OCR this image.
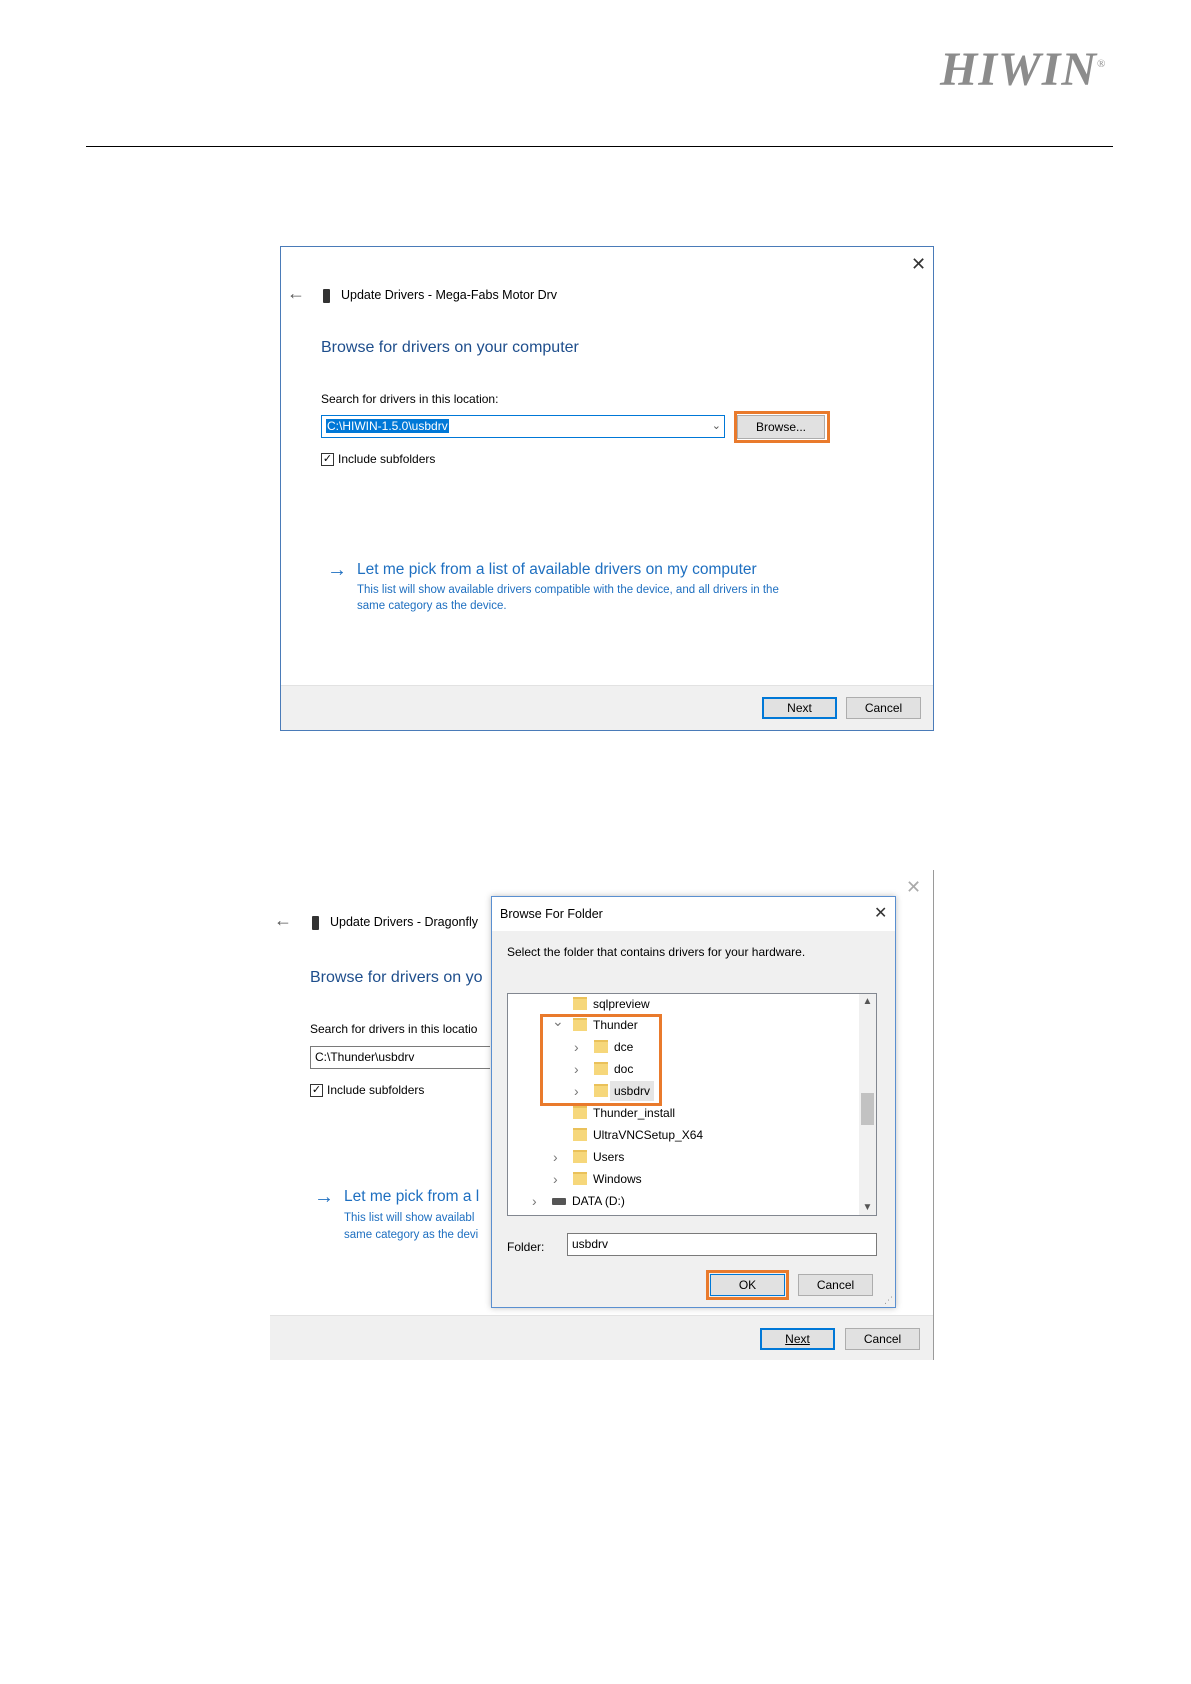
HIWIN®
✕
←	Update Drivers - Mega-Fabs Motor Drv
Browse for drivers on your computer
Search for drivers in this location:
C:\HIWIN-1.5.0\usbdrv	⌄	Browse...
✓ Include subfolders
→ Let me pick from a list of available drivers on my computer
This list will show available drivers compatible with the device, and all drivers in the
same category as the device.
Next	Cancel
✕
←	Update Drivers - Dragonfly
Browse for drivers on yo
Search for drivers in this locatio
C:\Thunder\usbdrv
✓ Include subfolders
→ Let me pick from a l
This list will show availabl
same category as the devi
Next	Cancel
Browse For Folder	✕
Select the folder that contains drivers for your hardware.
sqlpreview
⌄ Thunder
›	dce
›	doc
›	usbdrv
Thunder_install
UltraVNCSetup_X64
›	Users
›	Windows
›	DATA (D:)
▲
▼
Folder:	usbdrv
OK	Cancel
⋰
